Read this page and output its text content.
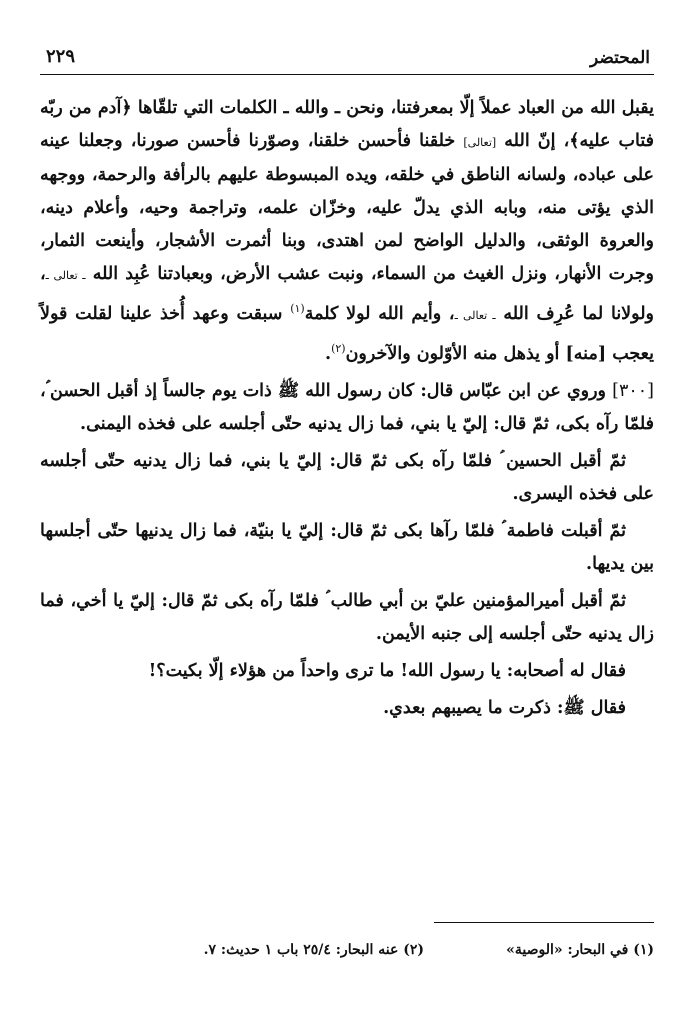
المحتضر
٢٢٩

يقبل الله من العباد عملاً إلّا بمعرفتنا، ونحن ـ والله ـ الكلمات التي تلقّاها ﴿آدم من ربّه فتاب عليه﴾، إنّ الله [تعالى] خلقنا فأحسن خلقنا، وصوّرنا فأحسن صورنا، وجعلنا عينه على عباده، ولسانه الناطق في خلقه، ويده المبسوطة عليهم بالرأفة والرحمة، ووجهه الذي يؤتى منه، وبابه الذي يدلّ عليه، وخزّان علمه، وتراجمة وحيه، وأعلام دينه، والعروة الوثقى، والدليل الواضح لمن اهتدى، وبنا أثمرت الأشجار، وأينعت الثمار، وجرت الأنهار، ونزل الغيث من السماء، ونبت عشب الأرض، وبعبادتنا عُبِد الله ـ تعالى ـ، ولولانا لما عُرِف الله ـ تعالى ـ، وأيم الله لولا كلمة$^{(١)}$ سبقت وعهد أُخذ علينا لقلت قولاً يعجب [منه] أو يذهل منه الأوّلون والآخرون$^{(٢)}$.

[٣٠٠] وروي عن ابن عبّاس قال: كان رسول الله ﷺ ذات يوم جالساً إذ أقبل الحسن ؑ، فلمّا رآه بكى، ثمّ قال: إليّ يا بني، فما زال يدنيه حتّى أجلسه على فخذه اليمنى.

ثمّ أقبل الحسين ؑ فلمّا رآه بكى ثمّ قال: إليّ يا بني، فما زال يدنيه حتّى أجلسه على فخذه اليسرى.

ثمّ أقبلت فاطمة ؑ فلمّا رآها بكى ثمّ قال: إليّ يا بنيّة، فما زال يدنيها حتّى أجلسها بين يديها.

ثمّ أقبل أميرالمؤمنين عليّ بن أبي طالب ؑ فلمّا رآه بكى ثمّ قال: إليّ يا أخي، فما زال يدنيه حتّى أجلسه إلى جنبه الأيمن.

فقال له أصحابه: يا رسول الله! ما ترى واحداً من هؤلاء إلّا بكيت؟!

فقال ﷺ: ذكرت ما يصيبهم بعدي.

(١) في البحار: «الوصية»
(٢) عنه البحار: ٢٥/٤ باب ١ حديث: ٧.
